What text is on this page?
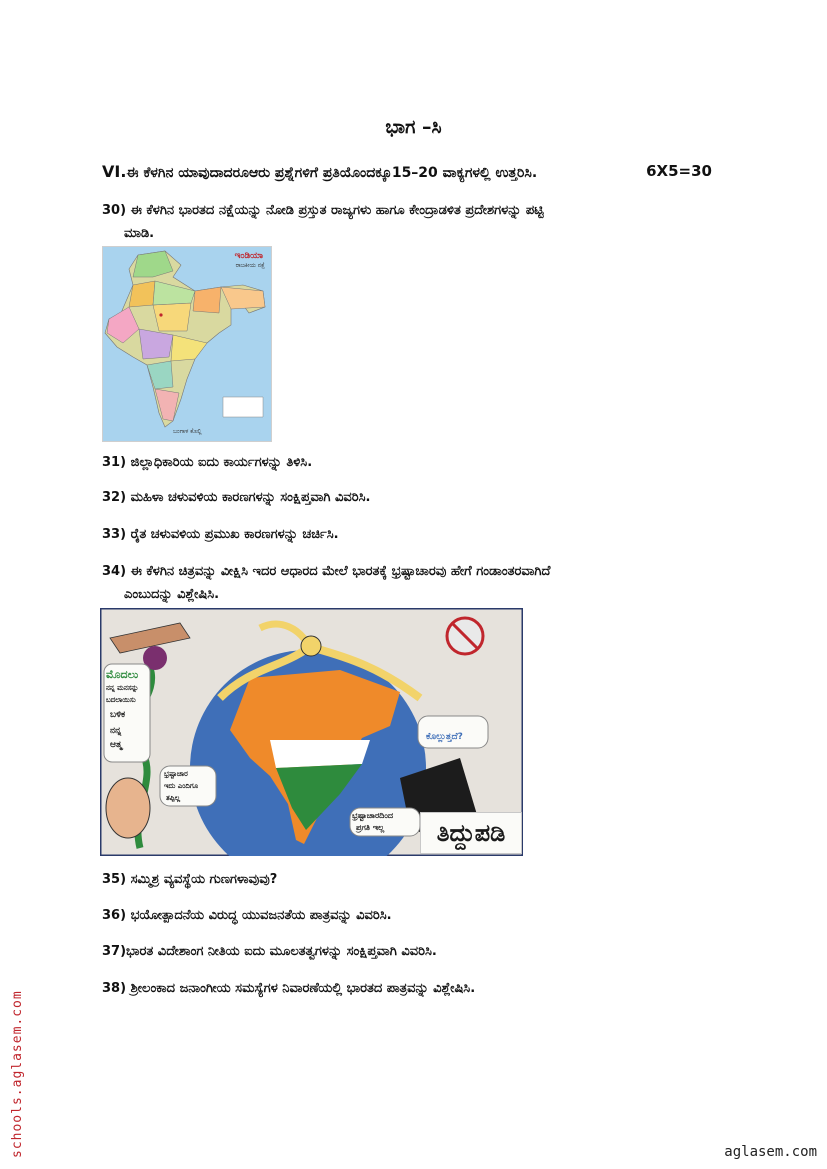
ಭಾಗ –ಸಿ
VI.ಈ ಕೆಳಗಿನ ಯಾವುದಾದರೂಆರು ಪ್ರಶ್ನೆಗಳಿಗೆ ಪ್ರತಿಯೊಂದಕ್ಕೂ15–20 ವಾಕ್ಯಗಳಲ್ಲಿ ಉತ್ತರಿಸಿ.	6X5=30
30) ಈ ಕೆಳಗಿನ ಭಾರತದ ನಕ್ಷೆಯನ್ನು ನೋಡಿ ಪ್ರಸ್ತುತ ರಾಜ್ಯಗಳು ಹಾಗೂ ಕೇಂದ್ರಾಡಳಿತ ಪ್ರದೇಶಗಳನ್ನು ಪಟ್ಟಿ
ಮಾಡಿ.
ಇಂಡಿಯಾ
ರಾಜಕೀಯ ನಕ್ಷೆ
ಬಂಗಾಳ ಕೊಲ್ಲಿ
31) ಜಿಲ್ಲಾಧಿಕಾರಿಯ ಐದು ಕಾರ್ಯಗಳನ್ನು ತಿಳಿಸಿ.
32) ಮಹಿಳಾ ಚಳುವಳಿಯ ಕಾರಣಗಳನ್ನು ಸಂಕ್ಷಿಪ್ತವಾಗಿ ವಿವರಿಸಿ.
33) ರೈತ ಚಳುವಳಿಯ ಪ್ರಮುಖ ಕಾರಣಗಳನ್ನು ಚರ್ಚಿಸಿ.
34) ಈ ಕೆಳಗಿನ ಚಿತ್ರವನ್ನು ವೀಕ್ಷಿಸಿ ಇದರ ಆಧಾರದ ಮೇಲೆ ಭಾರತಕ್ಕೆ ಭ್ರಷ್ಟಾಚಾರವು ಹೇಗೆ ಗಂಡಾಂತರವಾಗಿದೆ
ಎಂಬುದನ್ನು ವಿಶ್ಲೇಷಿಸಿ.
ಮೊದಲು
ನನ್ನ ಮನಸನ್ನು
ಬದಲಾಯಿಸು
ಬಳಿಕ
ನನ್ನ
ಆತ್ಮ
ಕೊಲ್ಲುತ್ತದೆ?
ಭ್ರಷ್ಟಾಚಾರದಿಂದ
ಪ್ರಗತಿ ಇಲ್ಲ
ಭ್ರಷ್ಟಾಚಾರ
ಇದು ಎಂದಿಗೂ
ತಪ್ಪಿಲ್ಲ
ತಿದ್ದುಪಡಿ
35) ಸಮ್ಮಿಶ್ರ ವ್ಯವಸ್ಥೆಯ ಗುಣಗಳಾವುವು?
36) ಭಯೋತ್ಪಾದನೆಯ ವಿರುದ್ಧ ಯುವಜನತೆಯ ಪಾತ್ರವನ್ನು ವಿವರಿಸಿ.
37)ಭಾರತ ವಿದೇಶಾಂಗ ನೀತಿಯ ಐದು ಮೂಲತತ್ವಗಳನ್ನು ಸಂಕ್ಷಿಪ್ತವಾಗಿ ವಿವರಿಸಿ.
38) ಶ್ರೀಲಂಕಾದ ಜನಾಂಗೀಯ ಸಮಸ್ಯೆಗಳ ನಿವಾರಣೆಯಲ್ಲಿ ಭಾರತದ ಪಾತ್ರವನ್ನು ವಿಶ್ಲೇಷಿಸಿ.
schools.aglasem.com	aglasem.com
